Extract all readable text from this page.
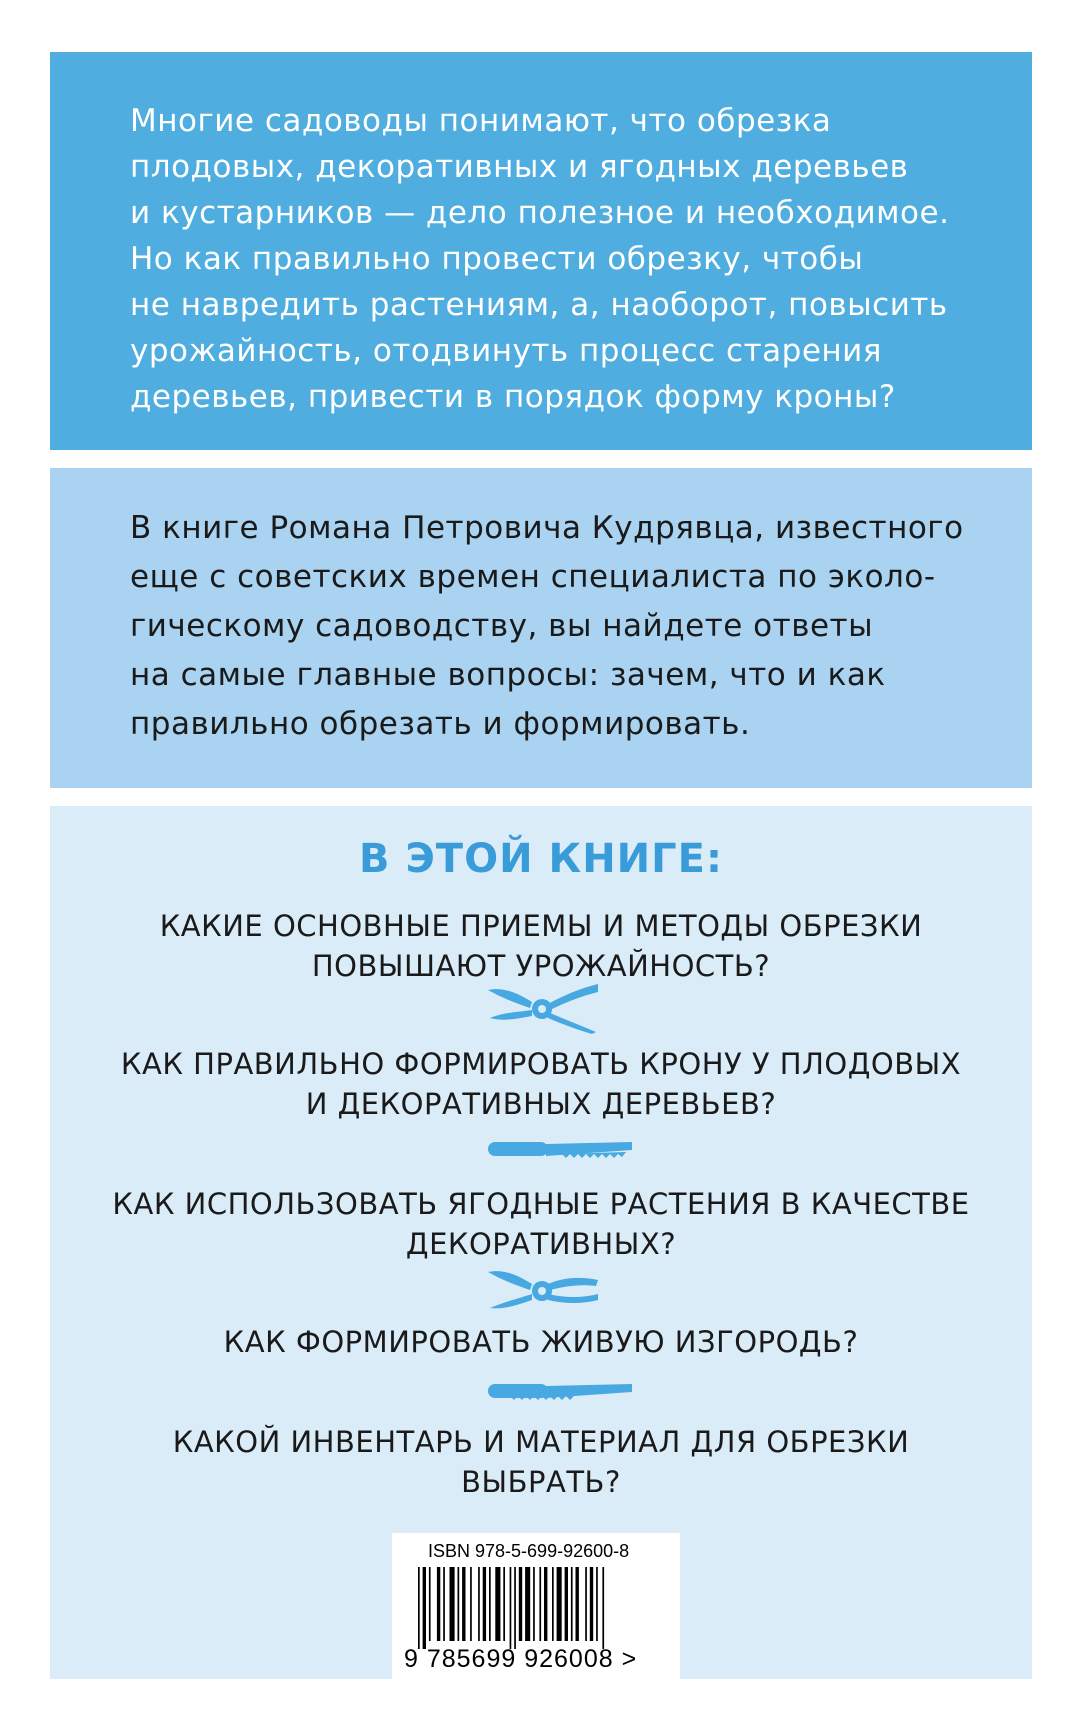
Многие садоводы понимают, что обрезка
плодовых, декоративных и ягодных деревьев
и кустарников — дело полезное и необходимое.
Но как правильно провести обрезку, чтобы
не навредить растениям, а, наоборот, повысить
урожайность, отодвинуть процесс старения
деревьев, привести в порядок форму кроны?

В книге Романа Петровича Кудрявца, известного
еще с советских времен специалиста по эколо-
гическому садоводству, вы найдете ответы
на самые главные вопросы: зачем, что и как
правильно обрезать и формировать.

В ЭТОЙ КНИГЕ:

КАКИЕ ОСНОВНЫЕ ПРИЕМЫ И МЕТОДЫ ОБРЕЗКИ
ПОВЫШАЮТ УРОЖАЙНОСТЬ?

КАК ПРАВИЛЬНО ФОРМИРОВАТЬ КРОНУ У ПЛОДОВЫХ
И ДЕКОРАТИВНЫХ ДЕРЕВЬЕВ?

КАК ИСПОЛЬЗОВАТЬ ЯГОДНЫЕ РАСТЕНИЯ В КАЧЕСТВЕ
ДЕКОРАТИВНЫХ?

КАК ФОРМИРОВАТЬ ЖИВУЮ ИЗГОРОДЬ?

КАКОЙ ИНВЕНТАРЬ И МАТЕРИАЛ ДЛЯ ОБРЕЗКИ
ВЫБРАТЬ?

ISBN 978-5-699-92600-8

9 785699 926008 >
